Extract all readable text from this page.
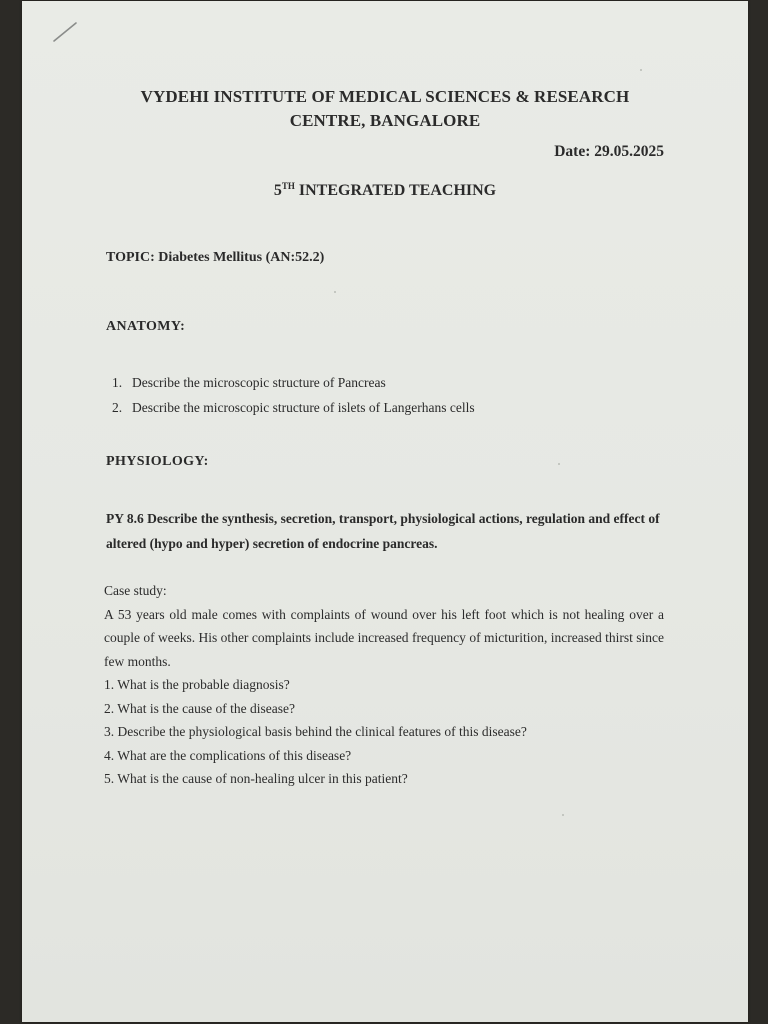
VYDEHI INSTITUTE OF MEDICAL SCIENCES & RESEARCH
CENTRE, BANGALORE
Date: 29.05.2025
5TH INTEGRATED TEACHING
TOPIC: Diabetes Mellitus (AN:52.2)
ANATOMY:
1. Describe the microscopic structure of Pancreas
2. Describe the microscopic structure of islets of Langerhans cells
PHYSIOLOGY:
PY 8.6 Describe the synthesis, secretion, transport, physiological actions, regulation and effect of altered (hypo and hyper) secretion of endocrine pancreas.
Case study:
A 53 years old male comes with complaints of wound over his left foot which is not healing over a couple of weeks. His other complaints include increased frequency of micturition, increased thirst since few months.
1. What is the probable diagnosis?
2. What is the cause of the disease?
3. Describe the physiological basis behind the clinical features of this disease?
4. What are the complications of this disease?
5. What is the cause of non-healing ulcer in this patient?
